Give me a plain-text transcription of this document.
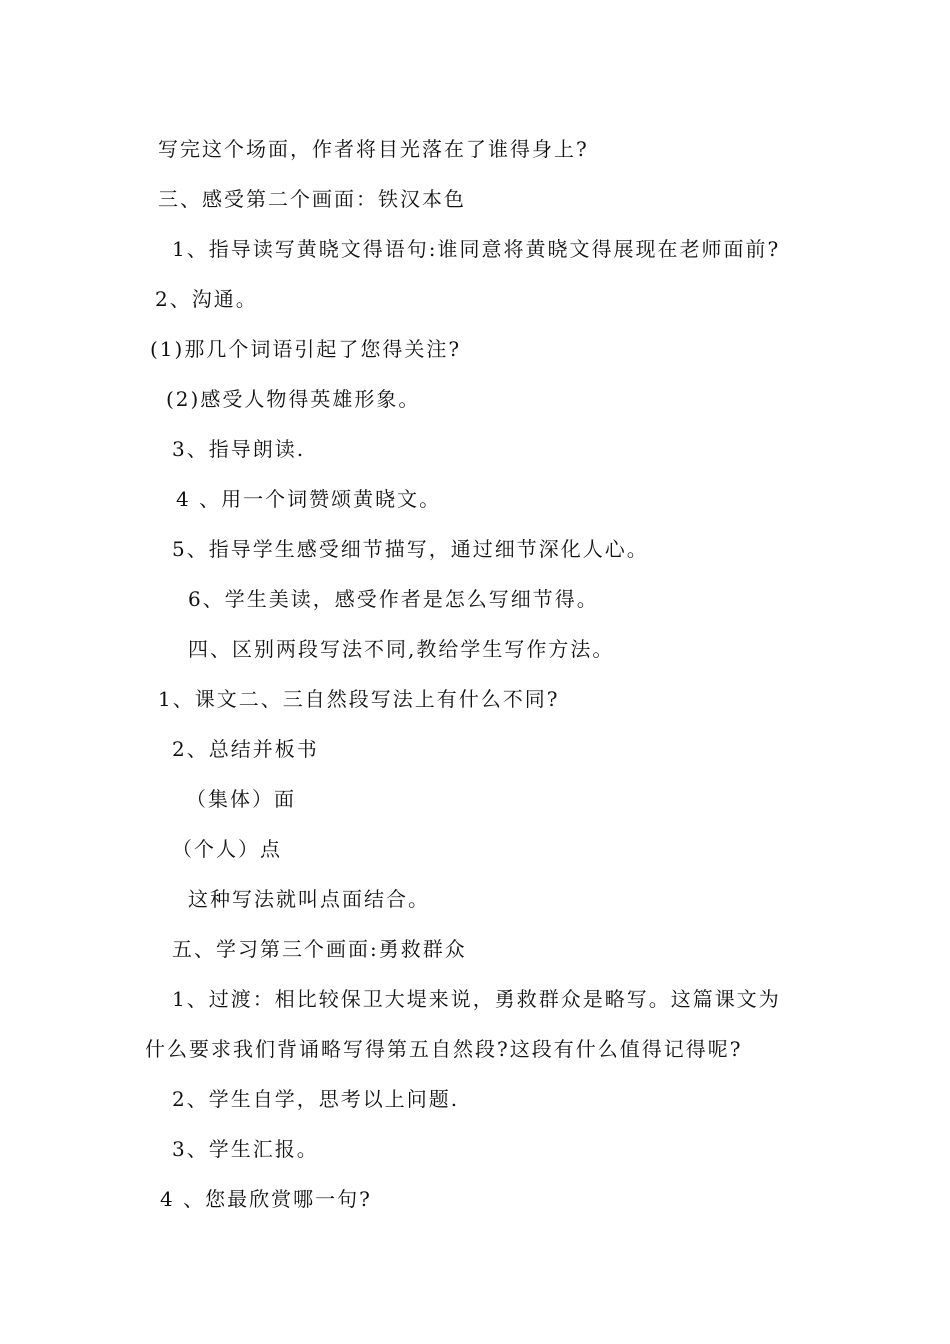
写完这个场面，作者将目光落在了谁得身上?
三、感受第二个画面：铁汉本色
1、指导读写黄晓文得语句:谁同意将黄晓文得展现在老师面前?
2、沟通。
(1)那几个词语引起了您得关注?
(2)感受人物得英雄形象。
3、指导朗读.
4 、用一个词赞颂黄晓文。
5、指导学生感受细节描写，通过细节深化人心。
6、学生美读，感受作者是怎么写细节得。
四、区别两段写法不同,教给学生写作方法。
1、课文二、三自然段写法上有什么不同?
2、总结并板书
（集体）面
（个人）点
这种写法就叫点面结合。
五、学习第三个画面:勇救群众
1、过渡：相比较保卫大堤来说，勇救群众是略写。这篇课文为
什么要求我们背诵略写得第五自然段?这段有什么值得记得呢?
2、学生自学，思考以上问题.
3、学生汇报。
4 、您最欣赏哪一句?
